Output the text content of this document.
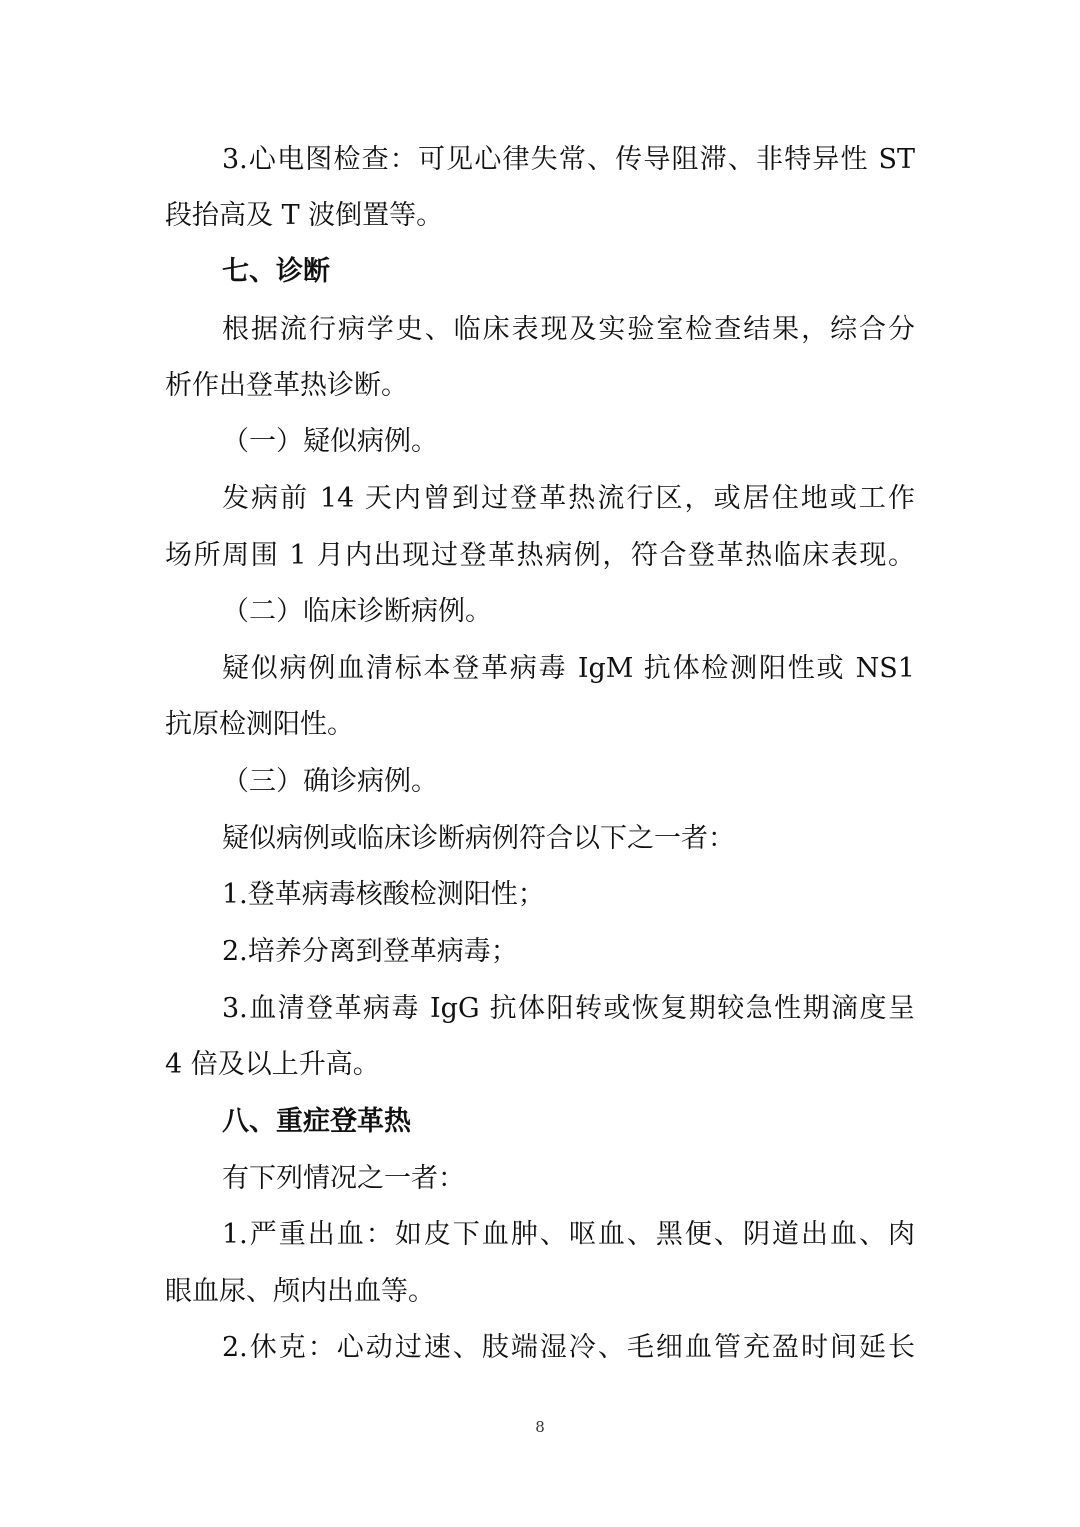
3.心电图检查：可见心律失常、传导阻滞、非特异性 ST
段抬高及 T 波倒置等。
七、诊断
根据流行病学史、临床表现及实验室检查结果，综合分
析作出登革热诊断。
（一）疑似病例。
发病前 14 天内曾到过登革热流行区，或居住地或工作
场所周围 1 月内出现过登革热病例，符合登革热临床表现。
（二）临床诊断病例。
疑似病例血清标本登革病毒 IgM 抗体检测阳性或 NS1
抗原检测阳性。
（三）确诊病例。
疑似病例或临床诊断病例符合以下之一者：
1.登革病毒核酸检测阳性；
2.培养分离到登革病毒；
3.血清登革病毒 IgG 抗体阳转或恢复期较急性期滴度呈
4 倍及以上升高。
八、重症登革热
有下列情况之一者：
1.严重出血：如皮下血肿、呕血、黑便、阴道出血、肉
眼血尿、颅内出血等。
2.休克：心动过速、肢端湿冷、毛细血管充盈时间延长
8
